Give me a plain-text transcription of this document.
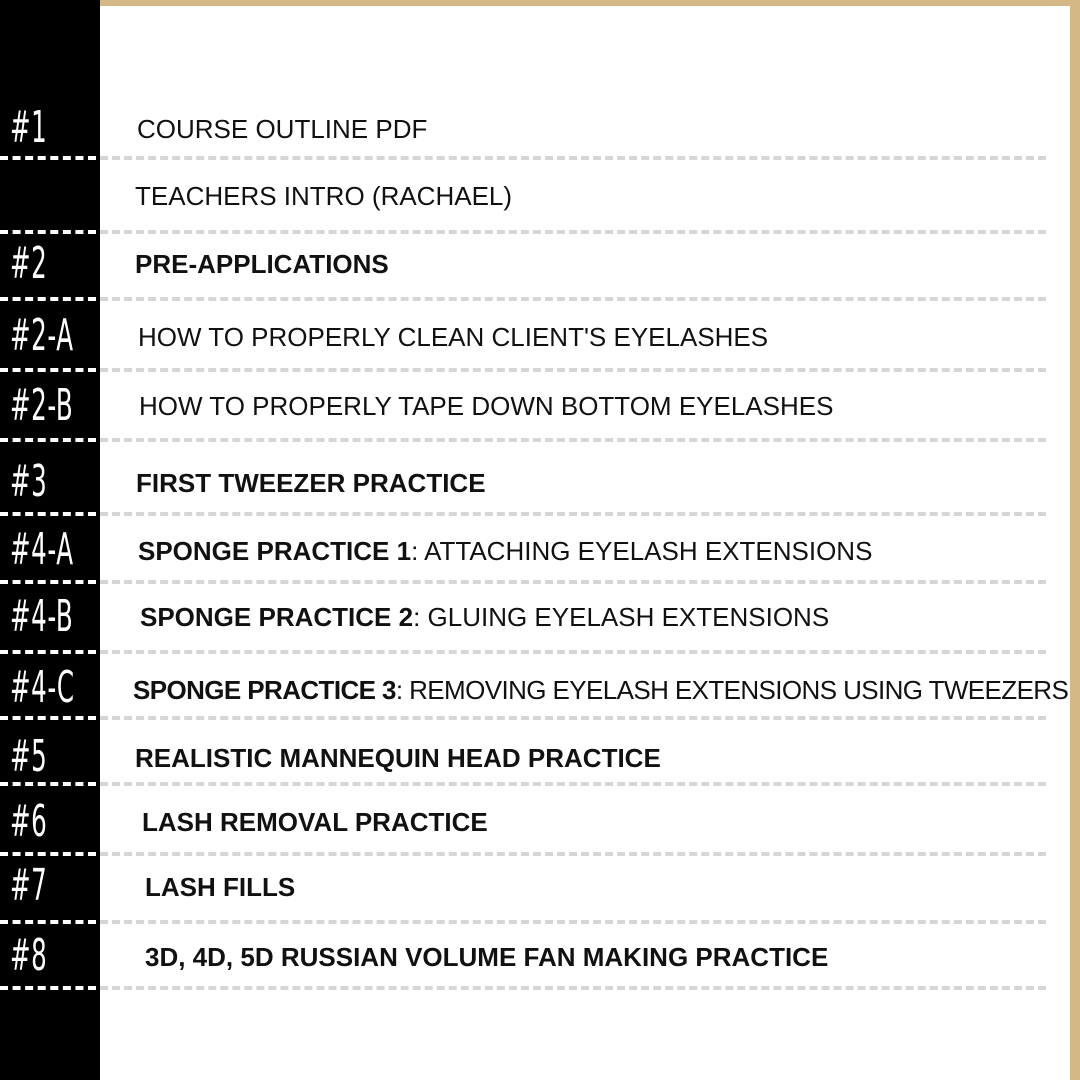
#1	COURSE OUTLINE PDF
TEACHERS INTRO (RACHAEL)
#2	PRE-APPLICATIONS
#2-A HOW TO PROPERLY CLEAN CLIENT'S EYELASHES
#2-B	HOW TO PROPERLY TAPE DOWN BOTTOM EYELASHES
#3	FIRST TWEEZER PRACTICE
#4-A SPONGE PRACTICE 1: ATTACHING EYELASH EXTENSIONS
#4-B	SPONGE PRACTICE 2: GLUING EYELASH EXTENSIONS
#4-C SPONGE PRACTICE 3: REMOVING EYELASH EXTENSIONS USING TWEEZERS
#5	REALISTIC MANNEQUIN HEAD PRACTICE
#6	LASH REMOVAL PRACTICE
#7	LASH FILLS
#8	3D, 4D, 5D RUSSIAN VOLUME FAN MAKING PRACTICE
